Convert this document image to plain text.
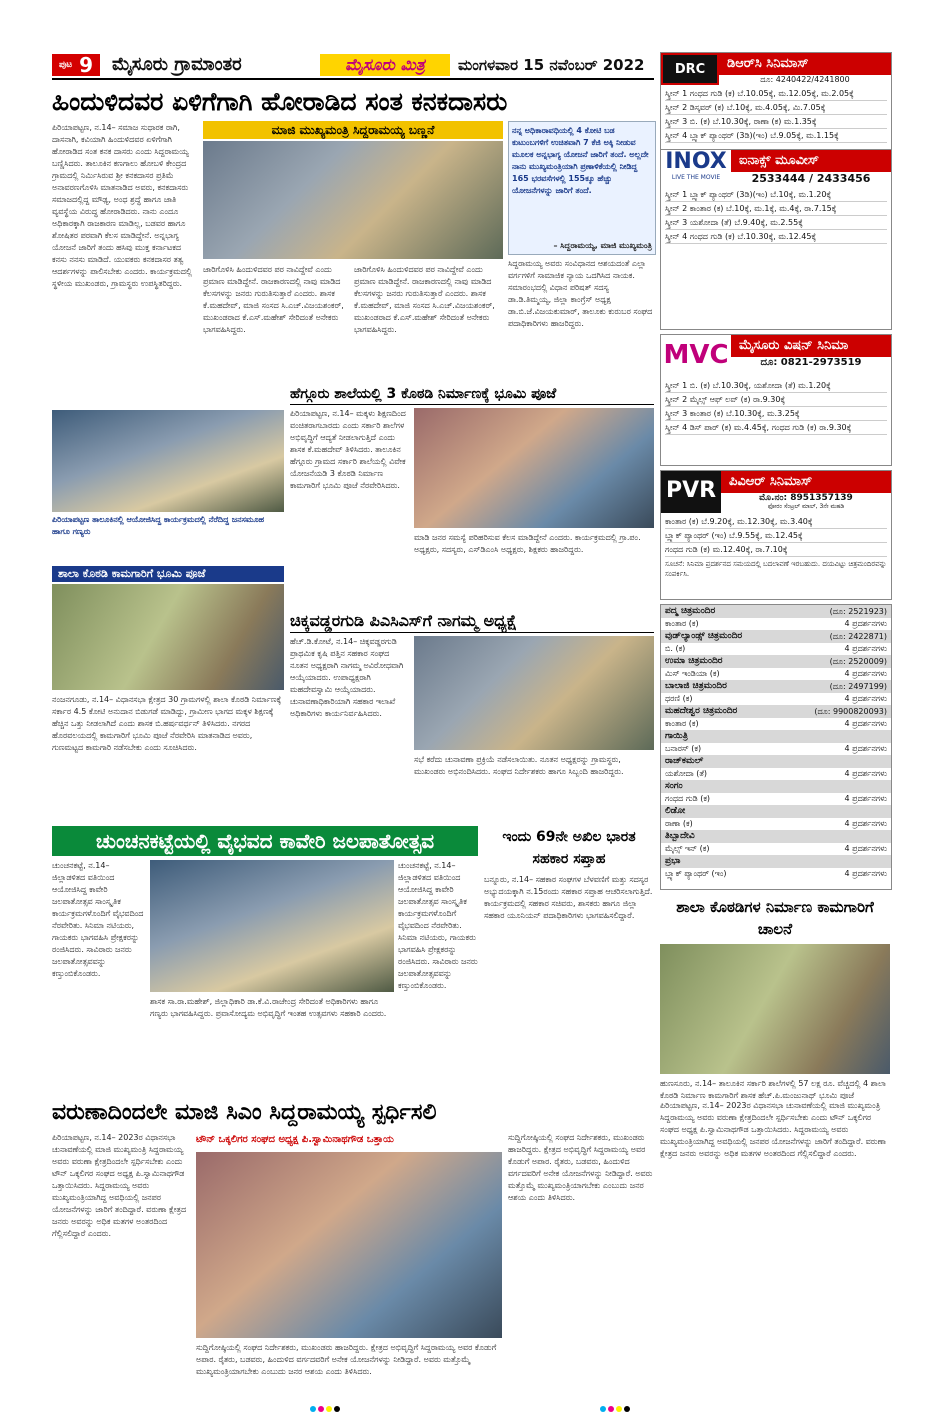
$^{ಪುಟ}$ 9	ಮೈಸೂರು ಗ್ರಾಮಾಂತರ	ಮೈಸೂರು ಮಿತ್ರ	ಮಂಗಳವಾರ 15 ನವೆಂಬರ್ 2022
ಹಿಂದುಳಿದವರ ಏಳಿಗೆಗಾಗಿ ಹೋರಾಡಿದ ಸಂತ ಕನಕದಾಸರು
ಪಿರಿಯಾಪಟ್ಟಣ, ನ.14– ಸಮಾಜ ಸುಧಾರಕ ರಾಗಿ, ದಾಸನಾಗಿ, ಕವಿಯಾಗಿ ಹಿಂದುಳಿದವರ ಏಳಿಗೆಗಾಗಿ ಹೋರಾಡಿದ ಸಂತ ಕನಕ ದಾಸರು ಎಂದು ಸಿದ್ದರಾಮಯ್ಯ ಬಣ್ಣಿಸಿದರು. ತಾಲೂಕಿನ ಕಣಗಾಲು ಹೋಬಳಿ ಕೇಂದ್ರದ ಗ್ರಾಮದಲ್ಲಿ ನಿರ್ಮಿಸಿರುವ ಶ್ರೀ ಕನಕದಾಸರ ಪ್ರತಿಮೆ ಅನಾವರಣಗೊಳಿಸಿ ಮಾತನಾಡಿದ ಅವರು, ಕನಕದಾಸರು ಸಮಾಜದಲ್ಲಿದ್ದ ಮೌಢ್ಯ, ಅಂಧ ಶ್ರದ್ಧೆ ಹಾಗೂ ಜಾತಿ ವ್ಯವಸ್ಥೆಯ ವಿರುದ್ಧ ಹೋರಾಡಿದರು. ನಾನು ಎಂದೂ ಅಧಿಕಾರಕ್ಕಾಗಿ ರಾಜಕಾರಣ ಮಾಡಿಲ್ಲ, ಬಡವರ ಹಾಗೂ ಶೋಷಿತರ ಪರವಾಗಿ ಕೆಲಸ ಮಾಡಿದ್ದೇನೆ. ಅನ್ನಭಾಗ್ಯ ಯೋಜನೆ ಜಾರಿಗೆ ತಂದು ಹಸಿವು ಮುಕ್ತ ಕರ್ನಾಟಕದ ಕನಸು ನನಸು ಮಾಡಿದೆ. ಯುವಕರು ಕನಕದಾಸರ ತತ್ವ ಆದರ್ಶಗಳನ್ನು ಪಾಲಿಸಬೇಕು ಎಂದರು. ಕಾರ್ಯಕ್ರಮದಲ್ಲಿ ಸ್ಥಳೀಯ ಮುಖಂಡರು, ಗ್ರಾಮಸ್ಥರು ಉಪಸ್ಥಿತರಿದ್ದರು.
ಮಾಜಿ ಮುಖ್ಯಮಂತ್ರಿ ಸಿದ್ದರಾಮಯ್ಯ ಬಣ್ಣನೆ	ನನ್ನ ಅಧಿಕಾರಾವಧಿಯಲ್ಲಿ 4 ಕೋಟಿ ಬಡ ಕುಟುಂಬಗಳಿಗೆ ಉಚಿತವಾಗಿ 7 ಕೆಜಿ ಅಕ್ಕಿ ನೀಡುವ ಮೂಲಕ ಅನ್ನಭಾಗ್ಯ ಯೋಜನೆ ಜಾರಿಗೆ ತಂದೆ. ಅಲ್ಲದೇ ನಾನು ಮುಖ್ಯಮಂತ್ರಿಯಾಗಿ ಪ್ರಣಾಳಿಕೆಯಲ್ಲಿ ನೀಡಿದ್ದ 165 ಭರವಸೆಗಳಲ್ಲಿ 155ಕ್ಕೂ ಹೆಚ್ಚು ಯೋಜನೆಗಳನ್ನು ಜಾರಿಗೆ ತಂದೆ.
– ಸಿದ್ದರಾಮಯ್ಯ, ಮಾಜಿ ಮುಖ್ಯಮಂತ್ರಿ
ಜಾರಿಗೊಳಿಸಿ ಹಿಂದುಳಿದವರ ಪರ ನಾವಿದ್ದೇವೆ ಎಂದು ಪ್ರಮಾಣ ಮಾಡಿದ್ದೇನೆ. ರಾಜಕಾರಣದಲ್ಲಿ ನಾವು ಮಾಡಿದ ಕೆಲಸಗಳನ್ನು ಜನರು ಗುರುತಿಸುತ್ತಾರೆ ಎಂದರು. ಶಾಸಕ ಕೆ.ಮಹದೇವ್, ಮಾಜಿ ಸಂಸದ ಸಿ.ಎಚ್.ವಿಜಯಶಂಕರ್, ಮುಖಂಡರಾದ ಕೆ.ಎಸ್.ಮಹೇಶ್ ಸೇರಿದಂತೆ ಅನೇಕರು ಭಾಗವಹಿಸಿದ್ದರು.
ಜಾರಿಗೊಳಿಸಿ ಹಿಂದುಳಿದವರ ಪರ ನಾವಿದ್ದೇವೆ ಎಂದು ಪ್ರಮಾಣ ಮಾಡಿದ್ದೇನೆ. ರಾಜಕಾರಣದಲ್ಲಿ ನಾವು ಮಾಡಿದ ಕೆಲಸಗಳನ್ನು ಜನರು ಗುರುತಿಸುತ್ತಾರೆ ಎಂದರು. ಶಾಸಕ ಕೆ.ಮಹದೇವ್, ಮಾಜಿ ಸಂಸದ ಸಿ.ಎಚ್.ವಿಜಯಶಂಕರ್, ಮುಖಂಡರಾದ ಕೆ.ಎಸ್.ಮಹೇಶ್ ಸೇರಿದಂತೆ ಅನೇಕರು ಭಾಗವಹಿಸಿದ್ದರು.
ಸಿದ್ದರಾಮಯ್ಯ ಅವರು ಸಂವಿಧಾನದ ಆಶಯದಂತೆ ಎಲ್ಲಾ ವರ್ಗಗಳಿಗೆ ಸಾಮಾಜಿಕ ನ್ಯಾಯ ಒದಗಿಸಿದ ನಾಯಕ. ಸಮಾರಂಭದಲ್ಲಿ ವಿಧಾನ ಪರಿಷತ್ ಸದಸ್ಯ ಡಾ.ಡಿ.ತಿಮ್ಮಯ್ಯ, ಜಿಲ್ಲಾ ಕಾಂಗ್ರೆಸ್ ಅಧ್ಯಕ್ಷ ಡಾ.ಬಿ.ಜೆ.ವಿಜಯಕುಮಾರ್, ತಾಲೂಕು ಕುರುಬರ ಸಂಘದ ಪದಾಧಿಕಾರಿಗಳು ಹಾಜರಿದ್ದರು.
ಪಿರಿಯಾಪಟ್ಟಣ ತಾಲೂಕಿನಲ್ಲಿ ಆಯೋಜಿಸಿದ್ದ ಕಾರ್ಯಕ್ರಮದಲ್ಲಿ ನೆರೆದಿದ್ದ ಜನಸಮೂಹ ಹಾಗೂ ಗಣ್ಯರು
ಶಾಲಾ ಕೊಠಡಿ ಕಾಮಗಾರಿಗೆ ಭೂಮಿ ಪೂಜೆ
ನಂಜನಗೂಡು, ನ.14– ವಿಧಾನಸಭಾ ಕ್ಷೇತ್ರದ 30 ಗ್ರಾಮಗಳಲ್ಲಿ ಶಾಲಾ ಕೊಠಡಿ ನಿರ್ಮಾಣಕ್ಕೆ ಸರ್ಕಾರ 4.5 ಕೋಟಿ ಅನುದಾನ ಬಿಡುಗಡೆ ಮಾಡಿದ್ದು, ಗ್ರಾಮೀಣ ಭಾಗದ ಮಕ್ಕಳ ಶಿಕ್ಷಣಕ್ಕೆ ಹೆಚ್ಚಿನ ಒತ್ತು ನೀಡಲಾಗಿದೆ ಎಂದು ಶಾಸಕ ಬಿ.ಹರ್ಷವರ್ಧನ್ ತಿಳಿಸಿದರು. ನಗರದ ಹೊರವಲಯದಲ್ಲಿ ಕಾಮಗಾರಿಗೆ ಭೂಮಿ ಪೂಜೆ ನೆರವೇರಿಸಿ ಮಾತನಾಡಿದ ಅವರು, ಗುಣಮಟ್ಟದ ಕಾಮಗಾರಿ ನಡೆಸಬೇಕು ಎಂದು ಸೂಚಿಸಿದರು.
ಹೆಗ್ಗೂರು ಶಾಲೆಯಲ್ಲಿ 3 ಕೊಠಡಿ ನಿರ್ಮಾಣಕ್ಕೆ ಭೂಮಿ ಪೂಜೆ
ಪಿರಿಯಾಪಟ್ಟಣ, ನ.14– ಮಕ್ಕಳು ಶಿಕ್ಷಣದಿಂದ ವಂಚಿತರಾಗಬಾರದು ಎಂದು ಸರ್ಕಾರಿ ಶಾಲೆಗಳ ಅಭಿವೃದ್ಧಿಗೆ ಆದ್ಯತೆ ನೀಡಲಾಗುತ್ತಿದೆ ಎಂದು ಶಾಸಕ ಕೆ.ಮಹದೇವ್ ತಿಳಿಸಿದರು. ತಾಲೂಕಿನ ಹೆಗ್ಗೂರು ಗ್ರಾಮದ ಸರ್ಕಾರಿ ಶಾಲೆಯಲ್ಲಿ ವಿವೇಕ ಯೋಜನೆಯಡಿ 3 ಕೊಠಡಿ ನಿರ್ಮಾಣ ಕಾಮಗಾರಿಗೆ ಭೂಮಿ ಪೂಜೆ ನೆರವೇರಿಸಿದರು.
ಮಾಡಿ ಜನರ ಸಮಸ್ಯೆ ಪರಿಹರಿಸುವ ಕೆಲಸ ಮಾಡಿದ್ದೇನೆ ಎಂದರು. ಕಾರ್ಯಕ್ರಮದಲ್ಲಿ ಗ್ರಾ.ಪಂ. ಅಧ್ಯಕ್ಷರು, ಸದಸ್ಯರು, ಎಸ್‌ಡಿಎಂಸಿ ಅಧ್ಯಕ್ಷರು, ಶಿಕ್ಷಕರು ಹಾಜರಿದ್ದರು.
ಚಿಕ್ಕವಡ್ಡರಗುಡಿ ಪಿಎಸಿಎಸ್‌ಗೆ ನಾಗಮ್ಮ ಅಧ್ಯಕ್ಷೆ
ಹೆಚ್.ಡಿ.ಕೋಟೆ, ನ.14– ಚಿಕ್ಕವಡ್ಡರಗುಡಿ ಪ್ರಾಥಮಿಕ ಕೃಷಿ ಪತ್ತಿನ ಸಹಕಾರ ಸಂಘದ ನೂತನ ಅಧ್ಯಕ್ಷರಾಗಿ ನಾಗಮ್ಮ ಅವಿರೋಧವಾಗಿ ಆಯ್ಕೆಯಾದರು. ಉಪಾಧ್ಯಕ್ಷರಾಗಿ ಮಹದೇವಸ್ವಾಮಿ ಆಯ್ಕೆಯಾದರು. ಚುನಾವಣಾಧಿಕಾರಿಯಾಗಿ ಸಹಕಾರ ಇಲಾಖೆ ಅಧಿಕಾರಿಗಳು ಕಾರ್ಯನಿರ್ವಹಿಸಿದರು.
ಸಭೆ ಕರೆದು ಚುನಾವಣಾ ಪ್ರಕ್ರಿಯೆ ನಡೆಸಲಾಯಿತು. ನೂತನ ಅಧ್ಯಕ್ಷರನ್ನು ಗ್ರಾಮಸ್ಥರು, ಮುಖಂಡರು ಅಭಿನಂದಿಸಿದರು. ಸಂಘದ ನಿರ್ದೇಶಕರು ಹಾಗೂ ಸಿಬ್ಬಂದಿ ಹಾಜರಿದ್ದರು.
ಚುಂಚನಕಟ್ಟೆಯಲ್ಲಿ ವೈಭವದ ಕಾವೇರಿ ಜಲಪಾತೋತ್ಸವ
ಚುಂಚನಕಟ್ಟೆ, ನ.14– ಜಿಲ್ಲಾಡಳಿತದ ವತಿಯಿಂದ ಆಯೋಜಿಸಿದ್ದ ಕಾವೇರಿ ಜಲಪಾತೋತ್ಸವ ಸಾಂಸ್ಕೃತಿಕ ಕಾರ್ಯಕ್ರಮಗಳೊಂದಿಗೆ ವೈಭವದಿಂದ ನೆರವೇರಿತು. ಸಿನಿಮಾ ನಟಿಯರು, ಗಾಯಕರು ಭಾಗವಹಿಸಿ ಪ್ರೇಕ್ಷಕರನ್ನು ರಂಜಿಸಿದರು. ಸಾವಿರಾರು ಜನರು ಜಲಪಾತೋತ್ಸವವನ್ನು ಕಣ್ತುಂಬಿಕೊಂಡರು.
ಶಾಸಕ ಸಾ.ರಾ.ಮಹೇಶ್, ಜಿಲ್ಲಾಧಿಕಾರಿ ಡಾ.ಕೆ.ವಿ.ರಾಜೇಂದ್ರ ಸೇರಿದಂತೆ ಅಧಿಕಾರಿಗಳು ಹಾಗೂ ಗಣ್ಯರು ಭಾಗವಹಿಸಿದ್ದರು. ಪ್ರವಾಸೋದ್ಯಮ ಅಭಿವೃದ್ಧಿಗೆ ಇಂತಹ ಉತ್ಸವಗಳು ಸಹಕಾರಿ ಎಂದರು.
ಚುಂಚನಕಟ್ಟೆ, ನ.14– ಜಿಲ್ಲಾಡಳಿತದ ವತಿಯಿಂದ ಆಯೋಜಿಸಿದ್ದ ಕಾವೇರಿ ಜಲಪಾತೋತ್ಸವ ಸಾಂಸ್ಕೃತಿಕ ಕಾರ್ಯಕ್ರಮಗಳೊಂದಿಗೆ ವೈಭವದಿಂದ ನೆರವೇರಿತು. ಸಿನಿಮಾ ನಟಿಯರು, ಗಾಯಕರು ಭಾಗವಹಿಸಿ ಪ್ರೇಕ್ಷಕರನ್ನು ರಂಜಿಸಿದರು. ಸಾವಿರಾರು ಜನರು ಜಲಪಾತೋತ್ಸವವನ್ನು ಕಣ್ತುಂಬಿಕೊಂಡರು.
ಇಂದು 69ನೇ ಅಖಿಲ ಭಾರತ ಸಹಕಾರ ಸಪ್ತಾಹ
ಬನ್ನೂರು, ನ.14– ಸಹಕಾರ ಸಂಘಗಳ ಬೆಳವಣಿಗೆ ಮತ್ತು ಸದಸ್ಯರ ಅಭ್ಯುದಯಕ್ಕಾಗಿ ನ.15ರಂದು ಸಹಕಾರ ಸಪ್ತಾಹ ಆಚರಿಸಲಾಗುತ್ತಿದೆ. ಕಾರ್ಯಕ್ರಮದಲ್ಲಿ ಸಹಕಾರ ಸಚಿವರು, ಶಾಸಕರು ಹಾಗೂ ಜಿಲ್ಲಾ ಸಹಕಾರ ಯೂನಿಯನ್ ಪದಾಧಿಕಾರಿಗಳು ಭಾಗವಹಿಸಲಿದ್ದಾರೆ.	ಶಾಲಾ ಕೊಠಡಿಗಳ ನಿರ್ಮಾಣ ಕಾಮಗಾರಿಗೆ ಚಾಲನೆ
ಹುಣಸೂರು, ನ.14– ತಾಲೂಕಿನ ಸರ್ಕಾರಿ ಶಾಲೆಗಳಲ್ಲಿ 57 ಲಕ್ಷ ರೂ. ವೆಚ್ಚದಲ್ಲಿ 4 ಶಾಲಾ ಕೊಠಡಿ ನಿರ್ಮಾಣ ಕಾಮಗಾರಿಗೆ ಶಾಸಕ ಹೆಚ್.ಪಿ.ಮಂಜುನಾಥ್ ಭೂಮಿ ಪೂಜೆ
ವರುಣಾದಿಂದಲೇ ಮಾಜಿ ಸಿಎಂ ಸಿದ್ದರಾಮಯ್ಯ ಸ್ಪರ್ಧಿಸಲಿ
ಪಿರಿಯಾಪಟ್ಟಣ, ನ.14– 2023ರ ವಿಧಾನಸಭಾ ಚುನಾವಣೆಯಲ್ಲಿ ಮಾಜಿ ಮುಖ್ಯಮಂತ್ರಿ ಸಿದ್ದರಾಮಯ್ಯ ಅವರು ವರುಣಾ ಕ್ಷೇತ್ರದಿಂದಲೇ ಸ್ಪರ್ಧಿಸಬೇಕು ಎಂದು ಟೌನ್ ಒಕ್ಕಲಿಗರ ಸಂಘದ ಅಧ್ಯಕ್ಷ ಪಿ.ಸ್ವಾಮಿನಾಥಗೌಡ ಒತ್ತಾಯಿಸಿದರು. ಸಿದ್ದರಾಮಯ್ಯ ಅವರು ಮುಖ್ಯಮಂತ್ರಿಯಾಗಿದ್ದ ಅವಧಿಯಲ್ಲಿ ಜನಪರ ಯೋಜನೆಗಳನ್ನು ಜಾರಿಗೆ ತಂದಿದ್ದಾರೆ. ವರುಣಾ ಕ್ಷೇತ್ರದ ಜನರು ಅವರನ್ನು ಅಧಿಕ ಮತಗಳ ಅಂತರದಿಂದ ಗೆಲ್ಲಿಸಲಿದ್ದಾರೆ ಎಂದರು.
ಟೌನ್ ಒಕ್ಕಲಿಗರ ಸಂಘದ ಅಧ್ಯಕ್ಷ ಪಿ.ಸ್ವಾಮಿನಾಥಗೌಡ ಒತ್ತಾಯ
ಸುದ್ದಿಗೋಷ್ಠಿಯಲ್ಲಿ ಸಂಘದ ನಿರ್ದೇಶಕರು, ಮುಖಂಡರು ಹಾಜರಿದ್ದರು. ಕ್ಷೇತ್ರದ ಅಭಿವೃದ್ಧಿಗೆ ಸಿದ್ದರಾಮಯ್ಯ ಅವರ ಕೊಡುಗೆ ಅಪಾರ. ರೈತರು, ಬಡವರು, ಹಿಂದುಳಿದ ವರ್ಗದವರಿಗೆ ಅನೇಕ ಯೋಜನೆಗಳನ್ನು ನೀಡಿದ್ದಾರೆ. ಅವರು ಮತ್ತೊಮ್ಮೆ ಮುಖ್ಯಮಂತ್ರಿಯಾಗಬೇಕು ಎಂಬುದು ಜನರ ಆಶಯ ಎಂದು ತಿಳಿಸಿದರು.
ಸುದ್ದಿಗೋಷ್ಠಿಯಲ್ಲಿ ಸಂಘದ ನಿರ್ದೇಶಕರು, ಮುಖಂಡರು ಹಾಜರಿದ್ದರು. ಕ್ಷೇತ್ರದ ಅಭಿವೃದ್ಧಿಗೆ ಸಿದ್ದರಾಮಯ್ಯ ಅವರ ಕೊಡುಗೆ ಅಪಾರ. ರೈತರು, ಬಡವರು, ಹಿಂದುಳಿದ ವರ್ಗದವರಿಗೆ ಅನೇಕ ಯೋಜನೆಗಳನ್ನು ನೀಡಿದ್ದಾರೆ. ಅವರು ಮತ್ತೊಮ್ಮೆ ಮುಖ್ಯಮಂತ್ರಿಯಾಗಬೇಕು ಎಂಬುದು ಜನರ ಆಶಯ ಎಂದು ತಿಳಿಸಿದರು.
ಪಿರಿಯಾಪಟ್ಟಣ, ನ.14– 2023ರ ವಿಧಾನಸಭಾ ಚುನಾವಣೆಯಲ್ಲಿ ಮಾಜಿ ಮುಖ್ಯಮಂತ್ರಿ ಸಿದ್ದರಾಮಯ್ಯ ಅವರು ವರುಣಾ ಕ್ಷೇತ್ರದಿಂದಲೇ ಸ್ಪರ್ಧಿಸಬೇಕು ಎಂದು ಟೌನ್ ಒಕ್ಕಲಿಗರ ಸಂಘದ ಅಧ್ಯಕ್ಷ ಪಿ.ಸ್ವಾಮಿನಾಥಗೌಡ ಒತ್ತಾಯಿಸಿದರು. ಸಿದ್ದರಾಮಯ್ಯ ಅವರು ಮುಖ್ಯಮಂತ್ರಿಯಾಗಿದ್ದ ಅವಧಿಯಲ್ಲಿ ಜನಪರ ಯೋಜನೆಗಳನ್ನು ಜಾರಿಗೆ ತಂದಿದ್ದಾರೆ. ವರುಣಾ ಕ್ಷೇತ್ರದ ಜನರು ಅವರನ್ನು ಅಧಿಕ ಮತಗಳ ಅಂತರದಿಂದ ಗೆಲ್ಲಿಸಲಿದ್ದಾರೆ ಎಂದರು.
DRC	ಡಿಆರ್‌ಸಿ ಸಿನಿಮಾಸ್
ದೂ: 4240422/4241800
ಸ್ಕ್ರೀನ್ 1 ಗಂಧದ ಗುಡಿ (ಕ) ಬೆ.10.05ಕ್ಕೆ, ಮ.12.05ಕ್ಕೆ, ಮ.2.05ಕ್ಕೆ
ಸ್ಕ್ರೀನ್ 2 ಡಿಸ್ಕವರ್ (ಕ) ಬೆ.10ಕ್ಕೆ, ಮ.4.05ಕ್ಕೆ, ಮಿ.7.05ಕ್ಕೆ
ಸ್ಕ್ರೀನ್ 3 ಬಿ. (ಕ) ಬೆ.10.30ಕ್ಕೆ, ರಾಣಾ (ಕ) ಮ.1.35ಕ್ಕೆ
ಸ್ಕ್ರೀನ್ 4 ಬ್ಲ್ಯಾಕ್ ಪ್ಯಾಂಥರ್ (3ಡಿ)(ಇಂ) ಬೆ.9.05ಕ್ಕೆ, ಮ.1.15ಕ್ಕೆ
INOX
LIVE THE MOVIE
ಐನಾಕ್ಸ್ ಮೂವೀಸ್
2533444 / 2433456
ಸ್ಕ್ರೀನ್ 1 ಬ್ಲ್ಯಾಕ್ ಪ್ಯಾಂಥರ್ (3ಡಿ)(ಇಂ) ಬೆ.10ಕ್ಕೆ, ಮ.1.20ಕ್ಕೆ
ಸ್ಕ್ರೀನ್ 2 ಕಾಂತಾರ (ಕ) ಬೆ.10ಕ್ಕೆ, ಮ.1ಕ್ಕೆ, ಮ.4ಕ್ಕೆ, ರಾ.7.15ಕ್ಕೆ
ಸ್ಕ್ರೀನ್ 3 ಯಶೋದಾ (ತೆ) ಬೆ.9.40ಕ್ಕೆ, ಮ.2.55ಕ್ಕೆ
ಸ್ಕ್ರೀನ್ 4 ಗಂಧದ ಗುಡಿ (ಕ) ಬೆ.10.30ಕ್ಕೆ, ಮ.12.45ಕ್ಕೆ
MVC ಮೈಸೂರು ವಿಷನ್ ಸಿನಿಮಾ
ದೂ: 0821-2973519
ಸ್ಕ್ರೀನ್ 1 ಬಿ. (ಕ) ಬೆ.10.30ಕ್ಕೆ, ಯಶೋದಾ (ತೆ) ಮ.1.20ಕ್ಕೆ
ಸ್ಕ್ರೀನ್ 2 ಮೈಲ್ಸ್ ಆಫ್ ಲವ್ (ಕ) ರಾ.9.30ಕ್ಕೆ
ಸ್ಕ್ರೀನ್ 3 ಕಾಂತಾರ (ಕ) ಬೆ.10.30ಕ್ಕೆ, ಮ.3.25ಕ್ಕೆ
ಸ್ಕ್ರೀನ್ 4 ಡಿಸ್ ಪಾರ್ (ಕ) ಮ.4.45ಕ್ಕೆ, ಗಂಧದ ಗುಡಿ (ಕ) ರಾ.9.30ಕ್ಕೆ
PVR ಪಿವಿಆರ್ ಸಿನಿಮಾಸ್
ಮೊ.ನಂ: 8951357139
ಫೋರಂ ಸೆಂಟ್ರಲ್ ಮಾಲ್, 3ನೇ ಮಹಡಿ
ಕಾಂತಾರ (ಕ) ಬೆ.9.20ಕ್ಕೆ, ಮ.12.30ಕ್ಕೆ, ಮ.3.40ಕ್ಕೆ
ಬ್ಲ್ಯಾಕ್ ಪ್ಯಾಂಥರ್ (ಇಂ) ಬೆ.9.55ಕ್ಕೆ, ಮ.12.45ಕ್ಕೆ
ಗಂಧದ ಗುಡಿ (ಕ) ಮ.12.40ಕ್ಕೆ, ರಾ.7.10ಕ್ಕೆ
ಸೂಚನೆ: ಸಿನಿಮಾ ಪ್ರದರ್ಶನದ ಸಮಯದಲ್ಲಿ ಬದಲಾವಣೆ ಇರಬಹುದು. ದಯವಿಟ್ಟು ಚಿತ್ರಮಂದಿರವನ್ನು ಸಂಪರ್ಕಿಸಿ.
ಪದ್ಮ ಚಿತ್ರಮಂದಿರ	(ದೂ: 2521923)
ಕಾಂತಾರ (ಕ)	4 ಪ್ರದರ್ಶನಗಳು
ವುಡ್‌ಲ್ಯಾಂಡ್ಸ್ ಚಿತ್ರಮಂದಿರ	(ದೂ: 2422871)
ಬಿ. (ಕ)	4 ಪ್ರದರ್ಶನಗಳು
ಉಮಾ ಚಿತ್ರಮಂದಿರ	(ದೂ: 2520009)
ಮಿಸ್ ಇಂಡಿಯಾ (ಕ)	4 ಪ್ರದರ್ಶನಗಳು
ಬಾಲಾಜಿ ಚಿತ್ರಮಂದಿರ	(ದೂ: 2497199)
ಧರಣಿ (ಕ)	4 ಪ್ರದರ್ಶನಗಳು
ಮಹದೇಶ್ವರ ಚಿತ್ರಮಂದಿರ	(ದೂ: 9900820093)
ಕಾಂತಾರ (ಕ)	4 ಪ್ರದರ್ಶನಗಳು
ಗಾಯಿತ್ರಿ
ಬನಾರಸ್ (ಕ)	4 ಪ್ರದರ್ಶನಗಳು
ರಾಜ್‌ಕಮಲ್
ಯಶೋದಾ (ತೆ)	4 ಪ್ರದರ್ಶನಗಳು
ಸಂಗಂ
ಗಂಧದ ಗುಡಿ (ಕ)	4 ಪ್ರದರ್ಶನಗಳು
ಲಿಡೋ
ರಾಣಾ (ಕ)	4 ಪ್ರದರ್ಶನಗಳು
ತಿಬ್ಬಾದೇವಿ
ಮೈಲ್ಸ್ ಇನ್ (ಕ)	4 ಪ್ರದರ್ಶನಗಳು
ಪ್ರಭಾ
ಬ್ಲ್ಯಾಕ್ ಪ್ಯಾಂಥರ್ (ಇಂ)	4 ಪ್ರದರ್ಶನಗಳು
